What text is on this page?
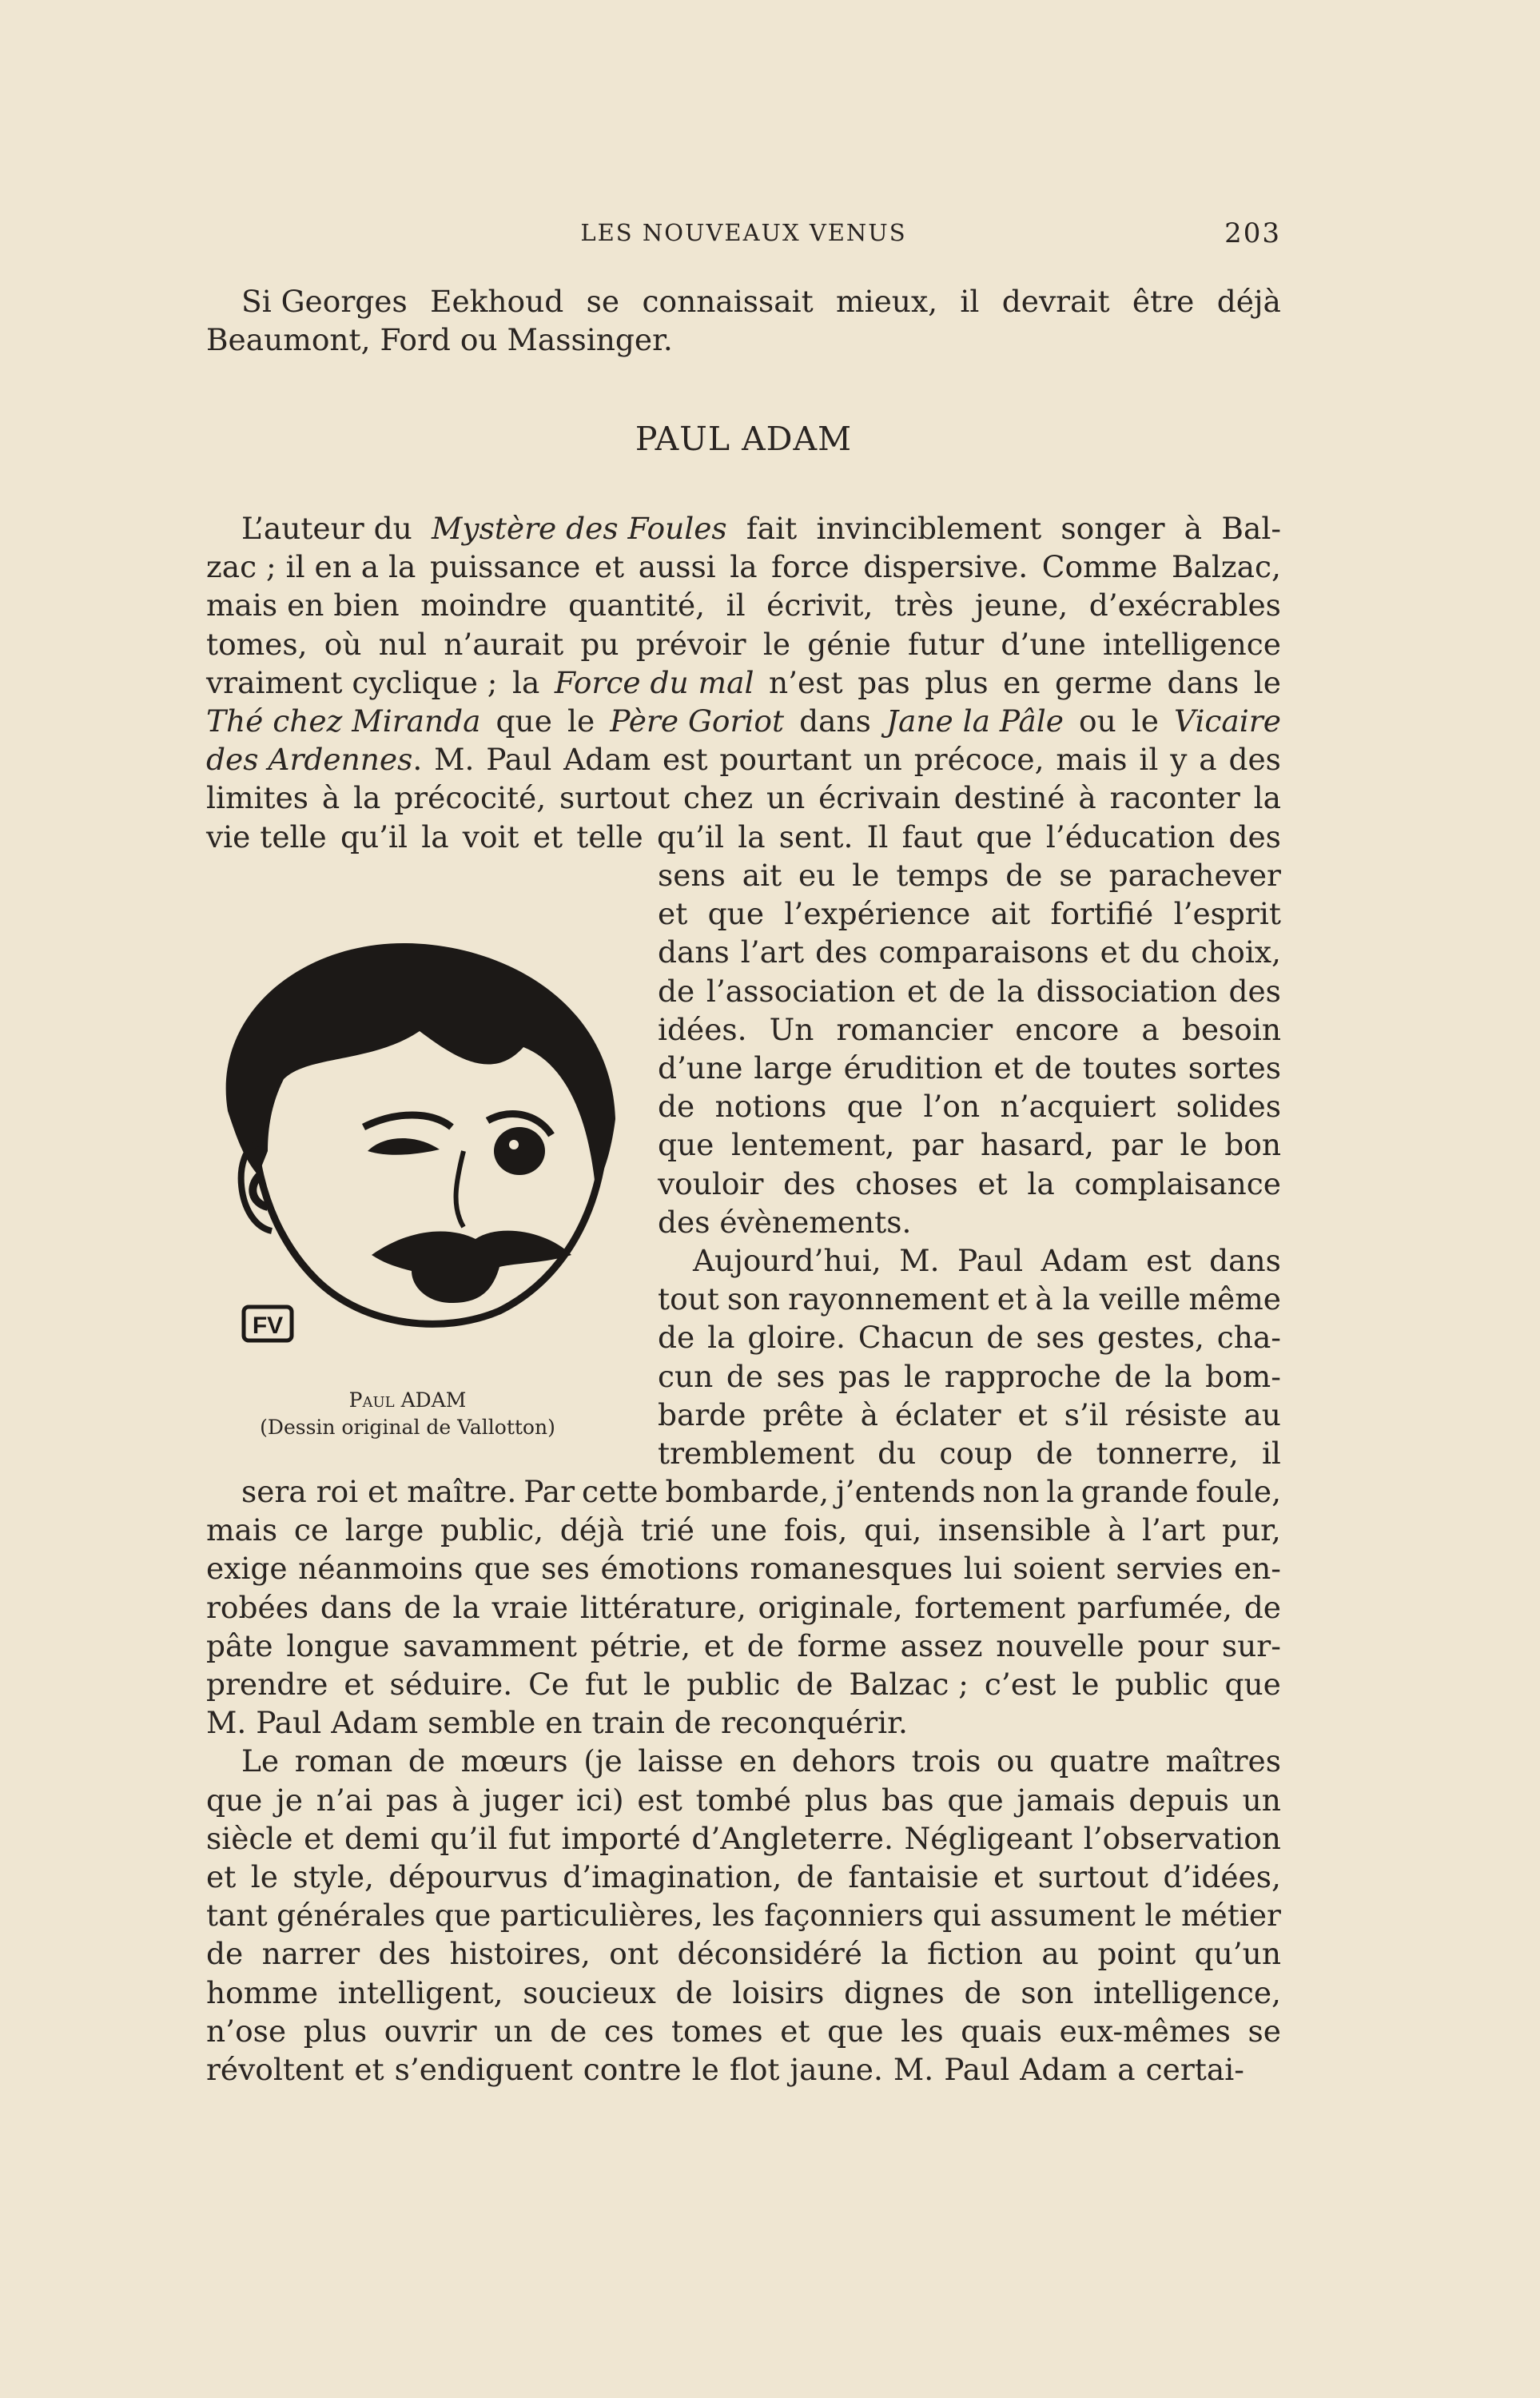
LES NOUVEAUX VENUS	203
Si Georges Eekhoud se connaissait mieux, il devrait être déjà
Beaumont, Ford ou Massinger.
PAUL ADAM
L’auteur du Mystère des Foules fait invinciblement songer à Bal-
zac ; il en a la puissance et aussi la force dispersive. Comme Balzac,
mais en bien moindre quantité, il écrivit, très jeune, d’exécrables
tomes, où nul n’aurait pu prévoir le génie futur d’une intelligence
vraiment cyclique ; la Force du mal n’est pas plus en germe dans le
Thé chez Miranda que le Père Goriot dans Jane la Pâle ou le Vicaire
des Ardennes. M. Paul Adam est pourtant un précoce, mais il y a des
limites à la précocité, surtout chez un écrivain destiné à raconter la
vie telle qu’il la voit et telle qu’il la sent. Il faut que l’éducation des
sens ait eu le temps de se parachever
et que l’expérience ait fortifié l’esprit
dans l’art des comparaisons et du choix,
de l’association et de la dissociation des
idées. Un romancier encore a besoin
d’une large érudition et de toutes sortes
de notions que l’on n’acquiert solides
que lentement, par hasard, par le bon
vouloir des choses et la complaisance
des évènements.
Aujourd’hui, M. Paul Adam est dans
tout son rayonnement et à la veille même
de la gloire. Chacun de ses gestes, cha-
cun de ses pas le rapproche de la bom-
barde prête à éclater et s’il résiste au
tremblement du coup de tonnerre, il
FV
Paul ADAM
(Dessin original de Vallotton)
sera roi et maître. Par cette bombarde, j’entends non la grande foule,
mais ce large public, déjà trié une fois, qui, insensible à l’art pur,
exige néanmoins que ses émotions romanesques lui soient servies en-
robées dans de la vraie littérature, originale, fortement parfumée, de
pâte longue savamment pétrie, et de forme assez nouvelle pour sur-
prendre et séduire. Ce fut le public de Balzac ; c’est le public que
M. Paul Adam semble en train de reconquérir.
Le roman de mœurs (je laisse en dehors trois ou quatre maîtres
que je n’ai pas à juger ici) est tombé plus bas que jamais depuis un
siècle et demi qu’il fut importé d’Angleterre. Négligeant l’observation
et le style, dépourvus d’imagination, de fantaisie et surtout d’idées,
tant générales que particulières, les façonniers qui assument le métier
de narrer des histoires, ont déconsidéré la fiction au point qu’un
homme intelligent, soucieux de loisirs dignes de son intelligence,
n’ose plus ouvrir un de ces tomes et que les quais eux-mêmes se
révoltent et s’endiguent contre le flot jaune. M. Paul Adam a certai-
